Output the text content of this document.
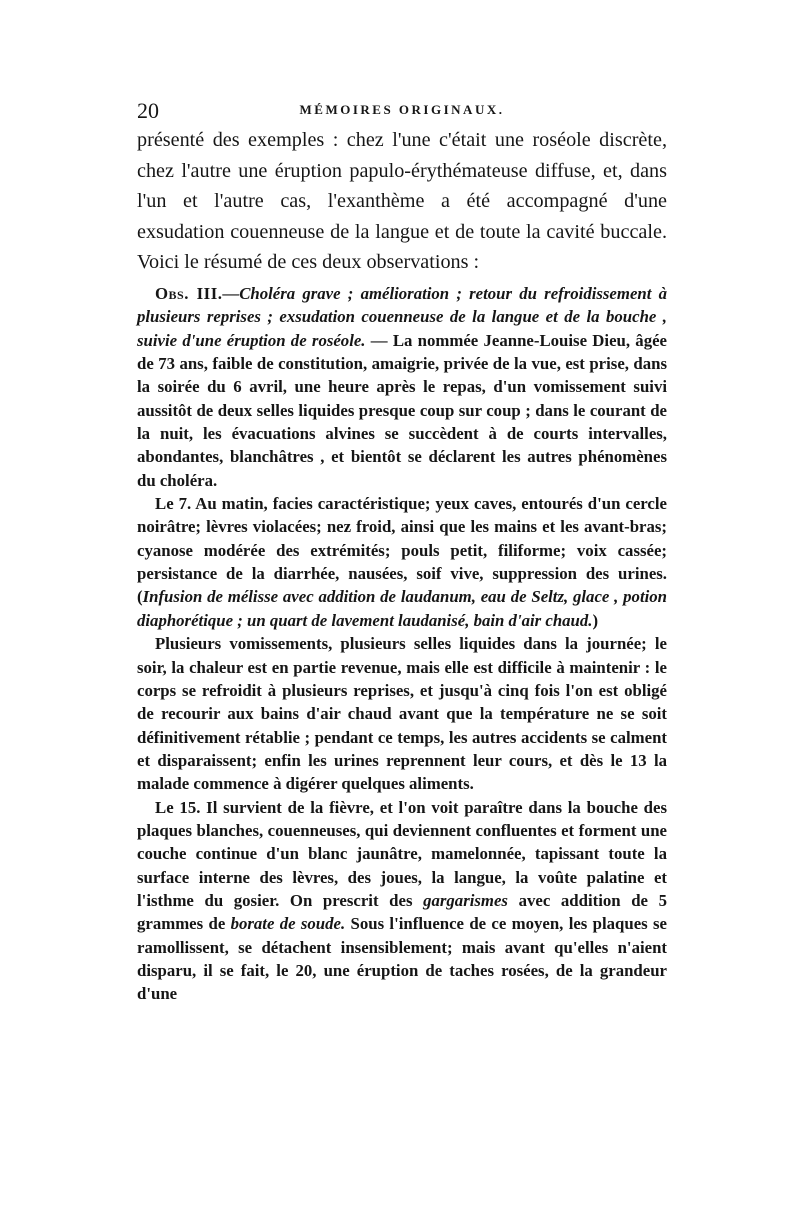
20	MÉMOIRES ORIGINAUX.

présenté des exemples : chez l'une c'était une roséole discrète, chez l'autre une éruption papulo-érythémateuse diffuse, et, dans l'un et l'autre cas, l'exanthème a été accompagné d'une exsudation couenneuse de la langue et de toute la cavité buccale. Voici le résumé de ces deux observations :

Obs. III.—Choléra grave ; amélioration ; retour du refroidissement à plusieurs reprises ; exsudation couenneuse de la langue et de la bouche , suivie d'une éruption de roséole. — La nommée Jeanne-Louise Dieu, âgée de 73 ans, faible de constitution, amaigrie, privée de la vue, est prise, dans la soirée du 6 avril, une heure après le repas, d'un vomissement suivi aussitôt de deux selles liquides presque coup sur coup ; dans le courant de la nuit, les évacuations alvines se succèdent à de courts intervalles, abondantes, blanchâtres , et bientôt se déclarent les autres phénomènes du choléra.

Le 7. Au matin, facies caractéristique; yeux caves, entourés d'un cercle noirâtre; lèvres violacées; nez froid, ainsi que les mains et les avant-bras; cyanose modérée des extrémités; pouls petit, filiforme; voix cassée; persistance de la diarrhée, nausées, soif vive, suppression des urines. (Infusion de mélisse avec addition de laudanum, eau de Seltz, glace , potion diaphorétique ; un quart de lavement laudanisé, bain d'air chaud.)

Plusieurs vomissements, plusieurs selles liquides dans la journée; le soir, la chaleur est en partie revenue, mais elle est difficile à maintenir : le corps se refroidit à plusieurs reprises, et jusqu'à cinq fois l'on est obligé de recourir aux bains d'air chaud avant que la température ne se soit définitivement rétablie ; pendant ce temps, les autres accidents se calment et disparaissent; enfin les urines reprennent leur cours, et dès le 13 la malade commence à digérer quelques aliments.

Le 15. Il survient de la fièvre, et l'on voit paraître dans la bouche des plaques blanches, couenneuses, qui deviennent confluentes et forment une couche continue d'un blanc jaunâtre, mamelonnée, tapissant toute la surface interne des lèvres, des joues, la langue, la voûte palatine et l'isthme du gosier. On prescrit des gargarismes avec addition de 5 grammes de borate de soude. Sous l'influence de ce moyen, les plaques se ramollissent, se détachent insensiblement; mais avant qu'elles n'aient disparu, il se fait, le 20, une éruption de taches rosées, de la grandeur d'une
